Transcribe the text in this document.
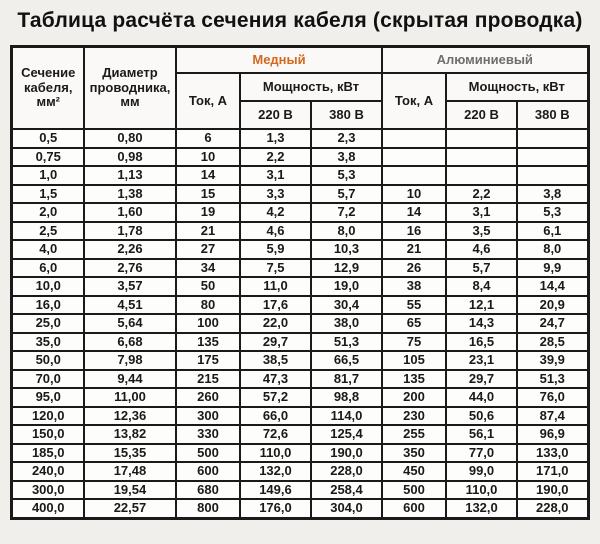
Таблица расчёта сечения кабеля (скрытая проводка)
Сечение кабеля, мм²	Диаметр проводника, мм	Медный			Алюминиевый		
		Ток, А	Мощность, кВт		Ток, А	Мощность, кВт	
			220 В	380 В		220 В	380 В
0,5	0,80	6	1,3	2,3			
0,75	0,98	10	2,2	3,8			
1,0	1,13	14	3,1	5,3			
1,5	1,38	15	3,3	5,7	10	2,2	3,8
2,0	1,60	19	4,2	7,2	14	3,1	5,3
2,5	1,78	21	4,6	8,0	16	3,5	6,1
4,0	2,26	27	5,9	10,3	21	4,6	8,0
6,0	2,76	34	7,5	12,9	26	5,7	9,9
10,0	3,57	50	11,0	19,0	38	8,4	14,4
16,0	4,51	80	17,6	30,4	55	12,1	20,9
25,0	5,64	100	22,0	38,0	65	14,3	24,7
35,0	6,68	135	29,7	51,3	75	16,5	28,5
50,0	7,98	175	38,5	66,5	105	23,1	39,9
70,0	9,44	215	47,3	81,7	135	29,7	51,3
95,0	11,00	260	57,2	98,8	200	44,0	76,0
120,0	12,36	300	66,0	114,0	230	50,6	87,4
150,0	13,82	330	72,6	125,4	255	56,1	96,9
185,0	15,35	500	110,0	190,0	350	77,0	133,0
240,0	17,48	600	132,0	228,0	450	99,0	171,0
300,0	19,54	680	149,6	258,4	500	110,0	190,0
400,0	22,57	800	176,0	304,0	600	132,0	228,0
